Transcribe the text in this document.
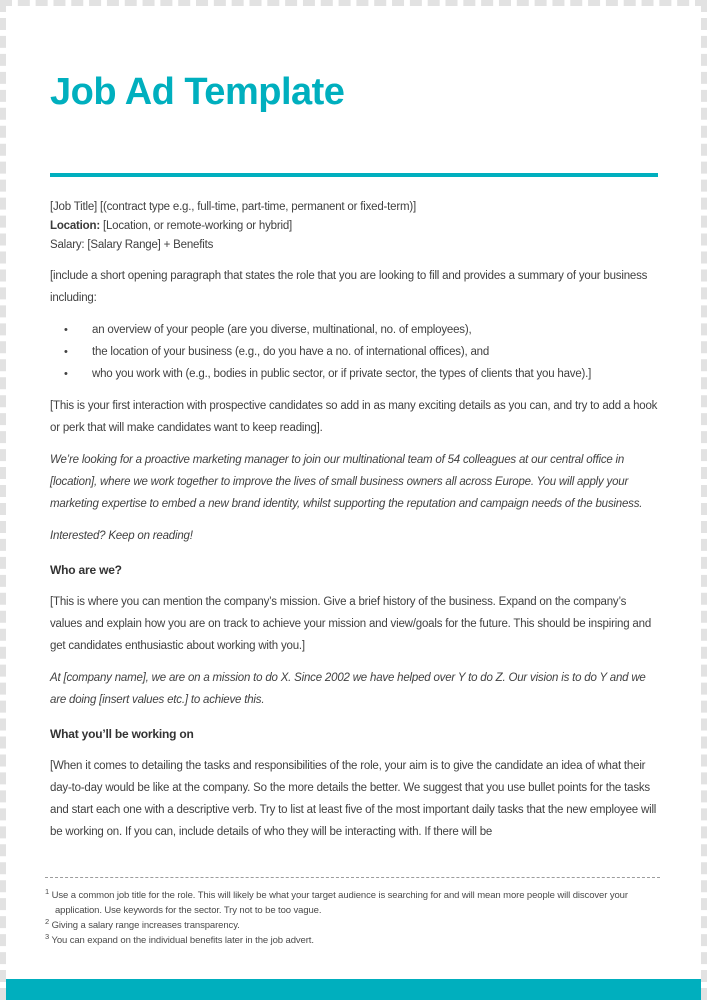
Job Ad Template
[Job Title] [(contract type e.g., full-time, part-time, permanent or fixed-term)]
Location: [Location, or remote-working or hybrid]
Salary: [Salary Range] + Benefits

[include a short opening paragraph that states the role that you are looking to fill and provides a summary of your business including:

• an overview of your people (are you diverse, multinational, no. of employees),
• the location of your business (e.g., do you have a no. of international offices), and
• who you work with (e.g., bodies in public sector, or if private sector, the types of clients that you have).]

[This is your first interaction with prospective candidates so add in as many exciting details as you can, and try to add a hook or perk that will make candidates want to keep reading].

We’re looking for a proactive marketing manager to join our multinational team of 54 colleagues at our central office in [location], where we work together to improve the lives of small business owners all across Europe. You will apply your marketing expertise to embed a new brand identity, whilst supporting the reputation and campaign needs of the business.

Interested? Keep on reading!

Who are we?

[This is where you can mention the company’s mission. Give a brief history of the business. Expand on the company’s values and explain how you are on track to achieve your mission and view/goals for the future. This should be inspiring and get candidates enthusiastic about working with you.]

At [company name], we are on a mission to do X. Since 2002 we have helped over Y to do Z. Our vision is to do Y and we are doing [insert values etc.] to achieve this.

What you’ll be working on

[When it comes to detailing the tasks and responsibilities of the role, your aim is to give the candidate an idea of what their day-to-day would be like at the company. So the more details the better. We suggest that you use bullet points for the tasks and start each one with a descriptive verb. Try to list at least five of the most important daily tasks that the new employee will be working on. If you can, include details of who they will be interacting with. If there will be

$^1$ Use a common job title for the role. This will likely be what your target audience is searching for and will mean more people will discover your application. Use keywords for the sector. Try not to be too vague.
$^2$ Giving a salary range increases transparency.
$^3$ You can expand on the individual benefits later in the job advert.
